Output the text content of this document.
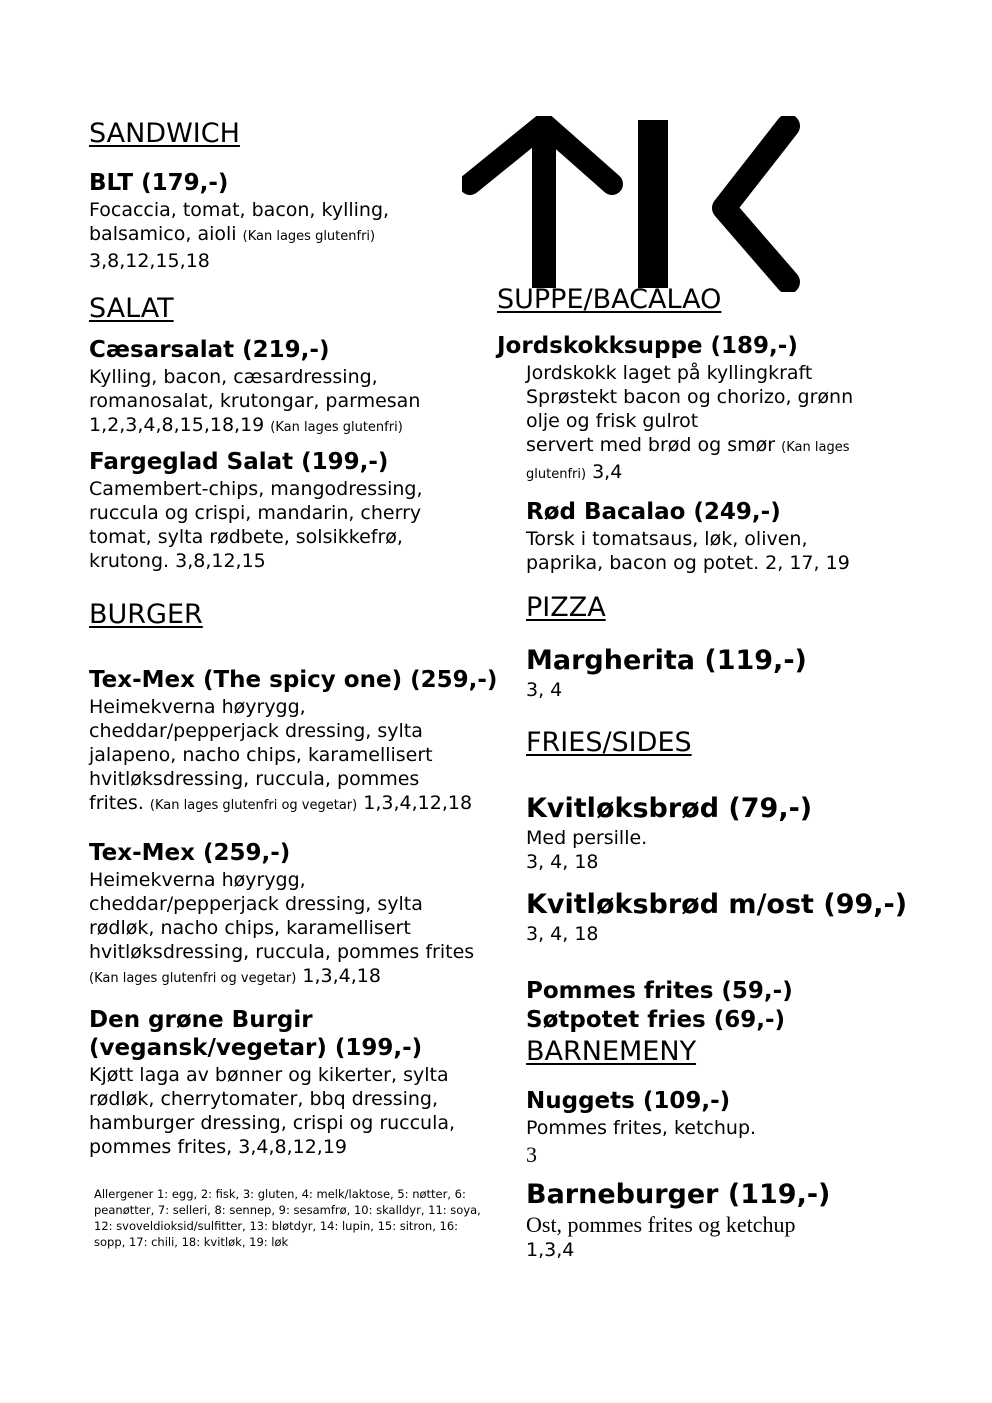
SANDWICH
BLT (179,-)
Focaccia, tomat, bacon, kylling,
balsamico, aioli (Kan lages glutenfri)
3,8,12,15,18
SALAT
Cæsarsalat (219,-)
Kylling, bacon, cæsardressing,
romanosalat, krutongar, parmesan
1,2,3,4,8,15,18,19 (Kan lages glutenfri)
Fargeglad Salat (199,-)
Camembert-chips, mangodressing,
ruccula og crispi, mandarin, cherry
tomat, sylta rødbete, solsikkefrø,
krutong. 3,8,12,15
BURGER
Tex-Mex (The spicy one) (259,-)
Heimekverna høyrygg,
cheddar/pepperjack dressing, sylta
jalapeno, nacho chips, karamellisert
hvitløksdressing, ruccula, pommes
frites. (Kan lages glutenfri og vegetar) 1,3,4,12,18
Tex-Mex (259,-)
Heimekverna høyrygg,
cheddar/pepperjack dressing, sylta
rødløk, nacho chips, karamellisert
hvitløksdressing, ruccula, pommes frites
(Kan lages glutenfri og vegetar) 1,3,4,18
Den grøne Burgir
(vegansk/vegetar) (199,-)
Kjøtt laga av bønner og kikerter, sylta
rødløk, cherrytomater, bbq dressing,
hamburger dressing, crispi og ruccula,
pommes frites, 3,4,8,12,19
Allergener 1: egg, 2: fisk, 3: gluten, 4: melk/laktose, 5: nøtter, 6:
peanøtter, 7: selleri, 8: sennep, 9: sesamfrø, 10: skalldyr, 11: soya,
12: svoveldioksid/sulfitter, 13: bløtdyr, 14: lupin, 15: sitron, 16:
sopp, 17: chili, 18: kvitløk, 19: løk
SUPPE/BACALAO
Jordskokksuppe (189,-)
Jordskokk laget på kyllingkraft
Sprøstekt bacon og chorizo, grønn
olje og frisk gulrot
servert med brød og smør (Kan lages
glutenfri) 3,4
Rød Bacalao (249,-)
Torsk i tomatsaus, løk, oliven,
paprika, bacon og potet. 2, 17, 19
PIZZA
Margherita (119,-)
3, 4
FRIES/SIDES
Kvitløksbrød (79,-)
Med persille.
3, 4, 18
Kvitløksbrød m/ost (99,-)
3, 4, 18
Pommes frites (59,-)
Søtpotet fries (69,-)
BARNEMENY
Nuggets (109,-)
Pommes frites, ketchup.
3
Barneburger (119,-)
Ost, pommes frites og ketchup
1,3,4
